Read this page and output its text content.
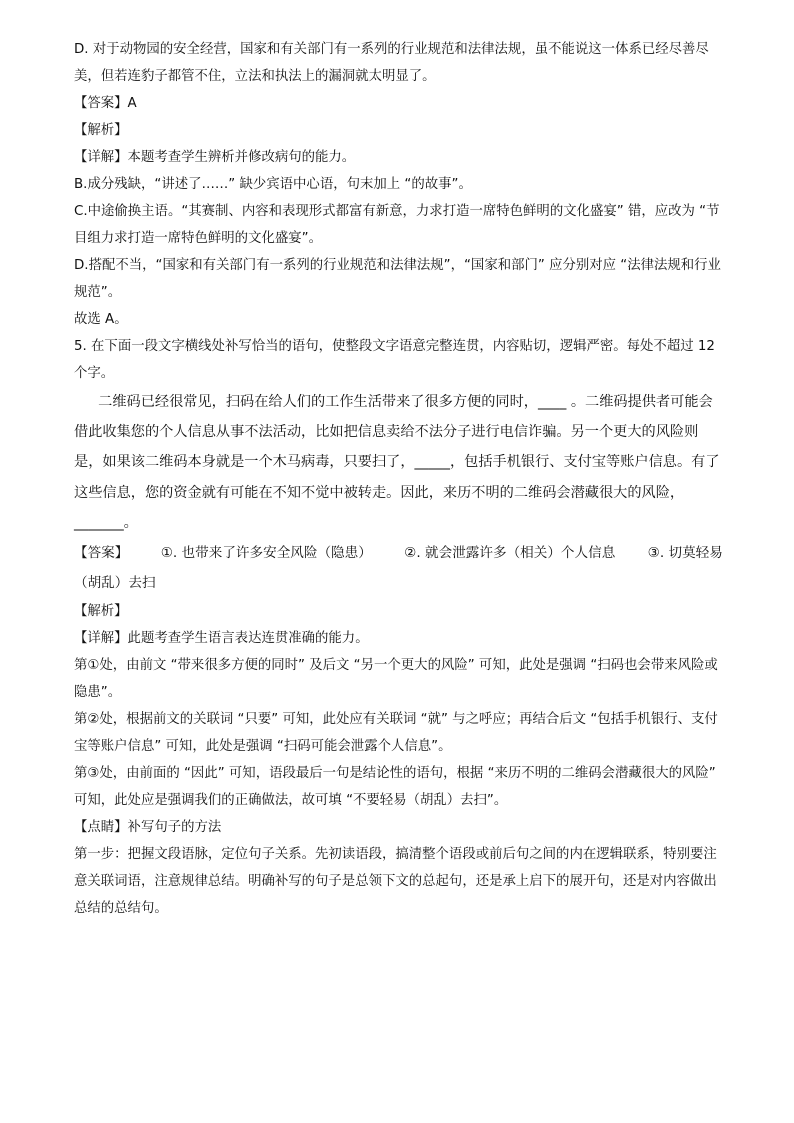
D. 对于动物园的安全经营，国家和有关部门有一系列的行业规范和法律法规，虽不能说这一体系已经尽善尽美，但若连豹子都管不住，立法和执法上的漏洞就太明显了。

【答案】A

【解析】

【详解】本题考查学生辨析并修改病句的能力。

B.成分残缺，“讲述了……” 缺少宾语中心语，句末加上 “的故事”。

C.中途偷换主语。“其赛制、内容和表现形式都富有新意，力求打造一席特色鲜明的文化盛宴” 错，应改为 “节目组力求打造一席特色鲜明的文化盛宴”。

D.搭配不当，“国家和有关部门有一系列的行业规范和法律法规”，“国家和部门” 应分别对应 “法律法规和行业规范”。

故选 A。

5. 在下面一段文字横线处补写恰当的语句，使整段文字语意完整连贯，内容贴切，逻辑严密。每处不超过 12 个字。

二维码已经很常见，扫码在给人们的工作生活带来了很多方便的同时，____ 。二维码提供者可能会借此收集您的个人信息从事不法活动，比如把信息卖给不法分子进行电信诈骗。另一个更大的风险则是，如果该二维码本身就是一个木马病毒，只要扫了，_____，包括手机银行、支付宝等账户信息。有了这些信息，您的资金就有可能在不知不觉中被转走。因此，来历不明的二维码会潜藏很大的风险，_______。

【答案】 ①. 也带来了许多安全风险（隐患） ②. 就会泄露许多（相关）个人信息 ③. 切莫轻易（胡乱）去扫

【解析】

【详解】此题考查学生语言表达连贯准确的能力。

第①处，由前文 “带来很多方便的同时” 及后文 “另一个更大的风险” 可知，此处是强调 “扫码也会带来风险或隐患”。

第②处，根据前文的关联词 “只要” 可知，此处应有关联词 “就” 与之呼应；再结合后文 “包括手机银行、支付宝等账户信息” 可知，此处是强调 “扫码可能会泄露个人信息”。

第③处，由前面的 “因此” 可知，语段最后一句是结论性的语句，根据 “来历不明的二维码会潜藏很大的风险” 可知，此处应是强调我们的正确做法，故可填 “不要轻易（胡乱）去扫”。

【点睛】补写句子的方法

第一步：把握文段语脉，定位句子关系。先初读语段，搞清整个语段或前后句之间的内在逻辑联系，特别要注意关联词语，注意规律总结。明确补写的句子是总领下文的总起句，还是承上启下的展开句，还是对内容做出总结的总结句。
